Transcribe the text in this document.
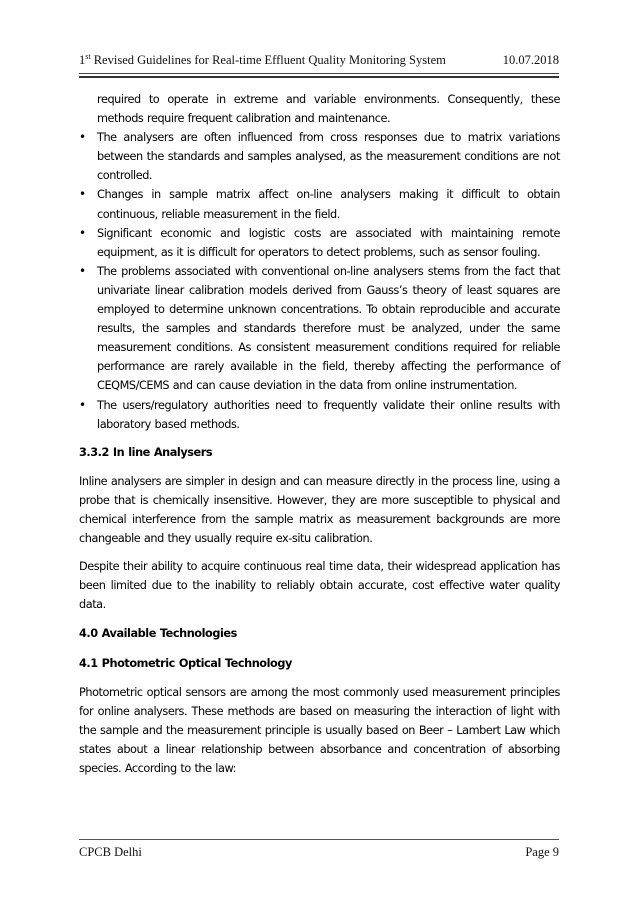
1st Revised Guidelines for Real-time Effluent Quality Monitoring System	10.07.2018

required to operate in extreme and variable environments. Consequently, these methods require frequent calibration and maintenance.

•	The analysers are often influenced from cross responses due to matrix variations between the standards and samples analysed, as the measurement conditions are not controlled.
•	Changes in sample matrix affect on-line analysers making it difficult to obtain continuous, reliable measurement in the field.
•	Significant economic and logistic costs are associated with maintaining remote equipment, as it is difficult for operators to detect problems, such as sensor fouling.
•	The problems associated with conventional on-line analysers stems from the fact that univariate linear calibration models derived from Gauss’s theory of least squares are employed to determine unknown concentrations. To obtain reproducible and accurate results, the samples and standards therefore must be analyzed, under the same measurement conditions. As consistent measurement conditions required for reliable performance are rarely available in the field, thereby affecting the performance of CEQMS/CEMS and can cause deviation in the data from online instrumentation.
•	The users/regulatory authorities need to frequently validate their online results with laboratory based methods.
3.3.2 In line Analysers

Inline analysers are simpler in design and can measure directly in the process line, using a probe that is chemically insensitive. However, they are more susceptible to physical and chemical interference from the sample matrix as measurement backgrounds are more changeable and they usually require ex-situ calibration.

Despite their ability to acquire continuous real time data, their widespread application has been limited due to the inability to reliably obtain accurate, cost effective water quality data.

4.0 Available Technologies
4.1 Photometric Optical Technology

Photometric optical sensors are among the most commonly used measurement principles for online analysers. These methods are based on measuring the interaction of light with the sample and the measurement principle is usually based on Beer – Lambert Law which states about a linear relationship between absorbance and concentration of absorbing species. According to the law:

CPCB Delhi	Page 9
